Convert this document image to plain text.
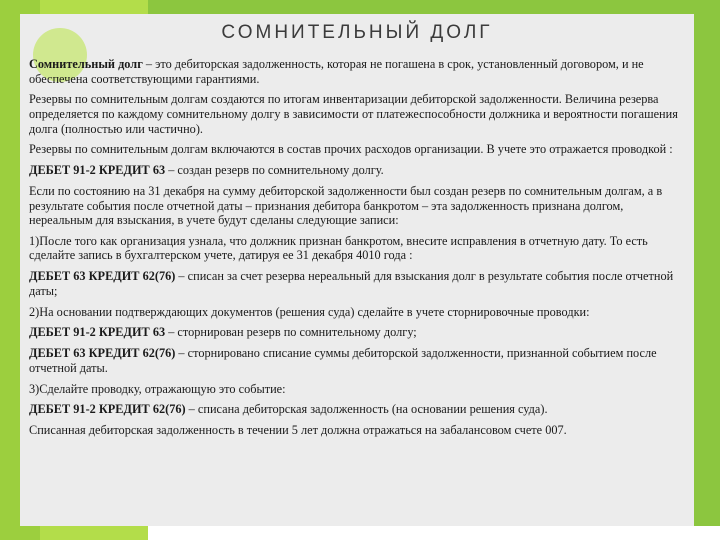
СОМНИТЕЛЬНЫЙ ДОЛГ

Сомнительный долг – это дебиторская задолженность, которая не погашена в срок, установленный договором, и не обеспечена соответствующими гарантиями.

Резервы по сомнительным долгам создаются по итогам инвентаризации дебиторской задолженности. Величина резерва определяется по каждому сомнительному долгу в зависимости от платежеспособности должника и вероятности погашения долга (полностью или частично).

Резервы по сомнительным долгам включаются в состав прочих расходов организации. В учете это отражается проводкой :

ДЕБЕТ 91-2 КРЕДИТ 63 – создан резерв по сомнительному долгу.

Если по состоянию на 31 декабря на сумму дебиторской задолженности был создан резерв по сомнительным долгам, а в результате события после отчетной даты – признания дебитора банкротом – эта задолженность признана долгом, нереальным для взыскания, в учете будут сделаны следующие записи:

1)После того как организация узнала, что должник признан банкротом, внесите исправления в отчетную дату. То есть сделайте запись в бухгалтерском учете, датируя ее 31 декабря 4010 года :

ДЕБЕТ 63 КРЕДИТ 62(76) – списан за счет резерва нереальный для взыскания долг в результате события после отчетной даты;

2)На основании подтверждающих документов (решения суда) сделайте в учете сторнировочные проводки:

ДЕБЕТ 91-2 КРЕДИТ 63 – сторнирован резерв по сомнительному долгу;

ДЕБЕТ 63 КРЕДИТ 62(76) – сторнировано списание суммы дебиторской задолженности, признанной событием после отчетной даты.

3)Сделайте проводку, отражающую это событие:

ДЕБЕТ 91-2 КРЕДИТ 62(76) – списана дебиторская задолженность (на основании решения суда).

Списанная дебиторская задолженность в течении 5 лет должна отражаться на забалансовом счете 007.
